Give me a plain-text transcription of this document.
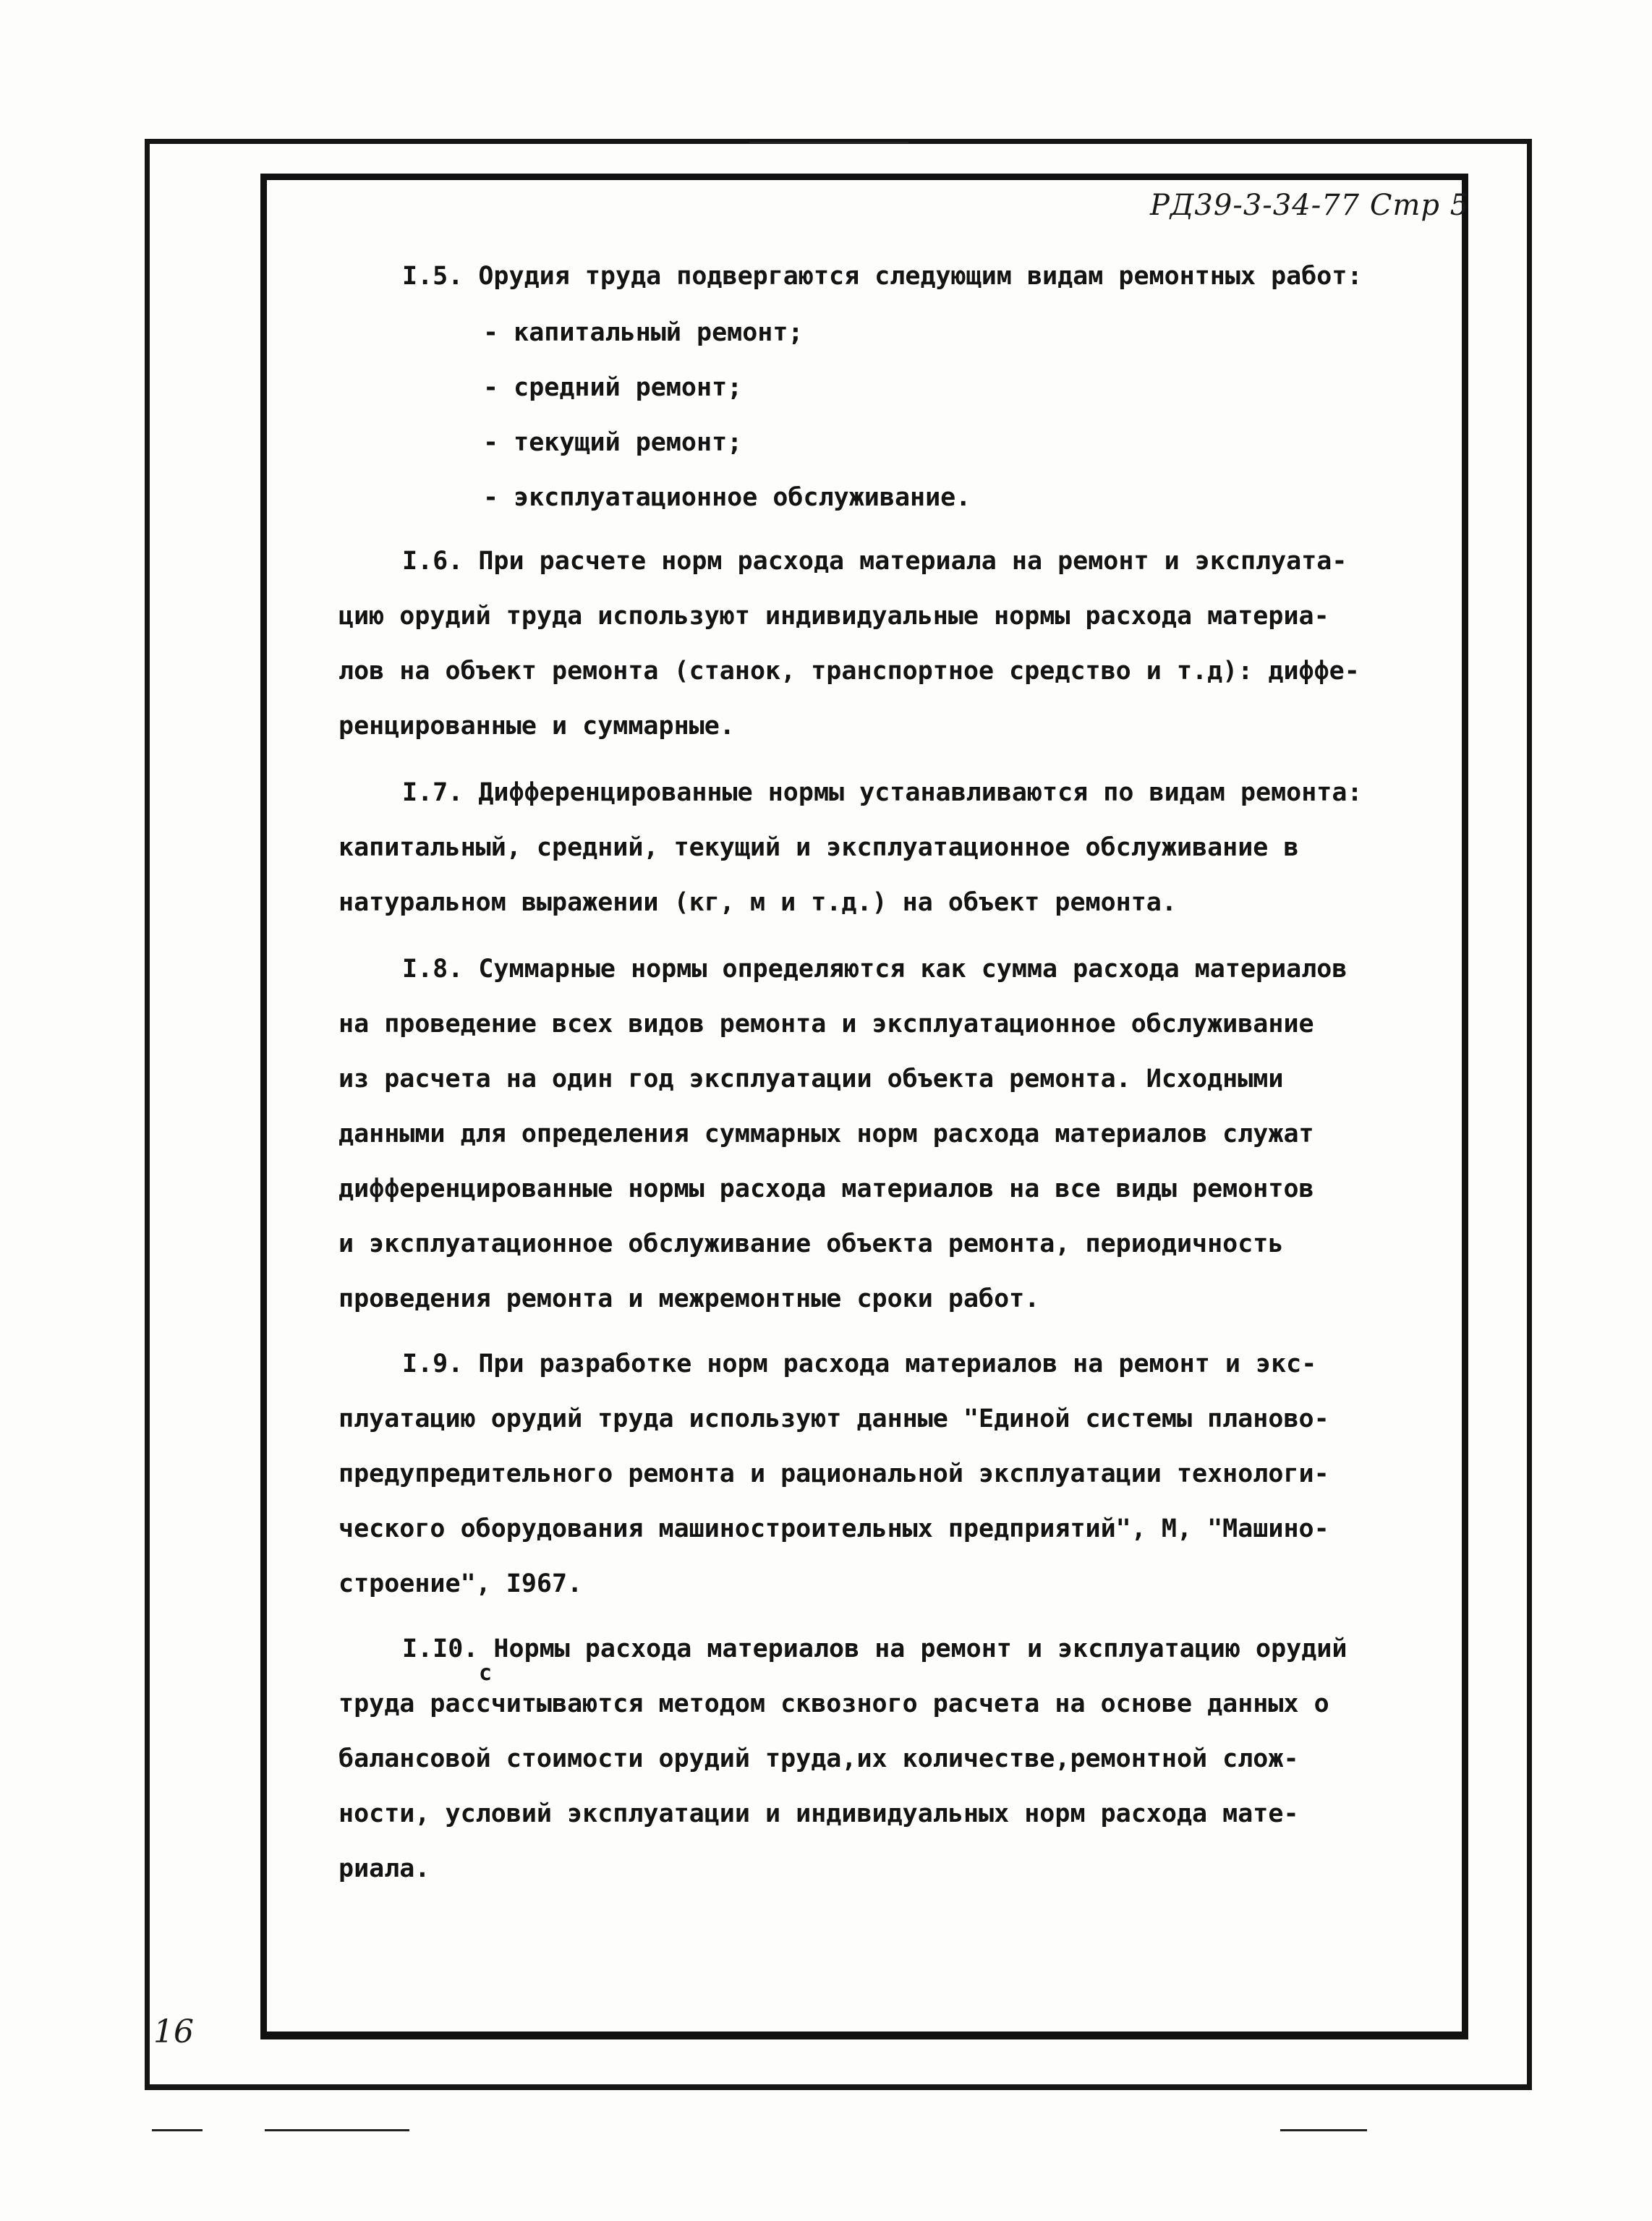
РД39-3-34-77 Стр 5
I.5. Орудия труда подвергаются следующим видам ремонтных работ:
- капитальный ремонт;
- средний ремонт;
- текущий ремонт;
- эксплуатационное обслуживание.
I.6. При расчете норм расхода материала на ремонт и эксплуата-
цию орудий труда используют индивидуальные нормы расхода материа-
лов на объект ремонта (станок, транспортное средство и т.д): диффе-
ренцированные и суммарные.
I.7. Дифференцированные нормы устанавливаются по видам ремонта:
капитальный, средний, текущий и эксплуатационное обслуживание в
натуральном выражении (кг, м и т.д.) на объект ремонта.
I.8. Суммарные нормы определяются как сумма расхода материалов
на проведение всех видов ремонта и эксплуатационное обслуживание
из расчета на один год эксплуатации объекта ремонта. Исходными
данными для определения суммарных норм расхода материалов служат
дифференцированные нормы расхода материалов на все виды ремонтов
и эксплуатационное обслуживание объекта ремонта, периодичность
проведения ремонта и межремонтные сроки работ.
I.9. При разработке норм расхода материалов на ремонт и экс-
плуатацию орудий труда используют данные "Единой системы планово-
предупредительного ремонта и рациональной эксплуатации технологи-
ческого оборудования машиностроительных предприятий", М, "Машино-
строение", I967.
I.I0. Нормы расхода материалов на ремонт и эксплуатацию орудий
с
труда рассчитываются методом сквозного расчета на основе данных о
балансовой стоимости орудий труда,их количестве,ремонтной слож-
ности, условий эксплуатации и индивидуальных норм расхода мате-
риала.
16
